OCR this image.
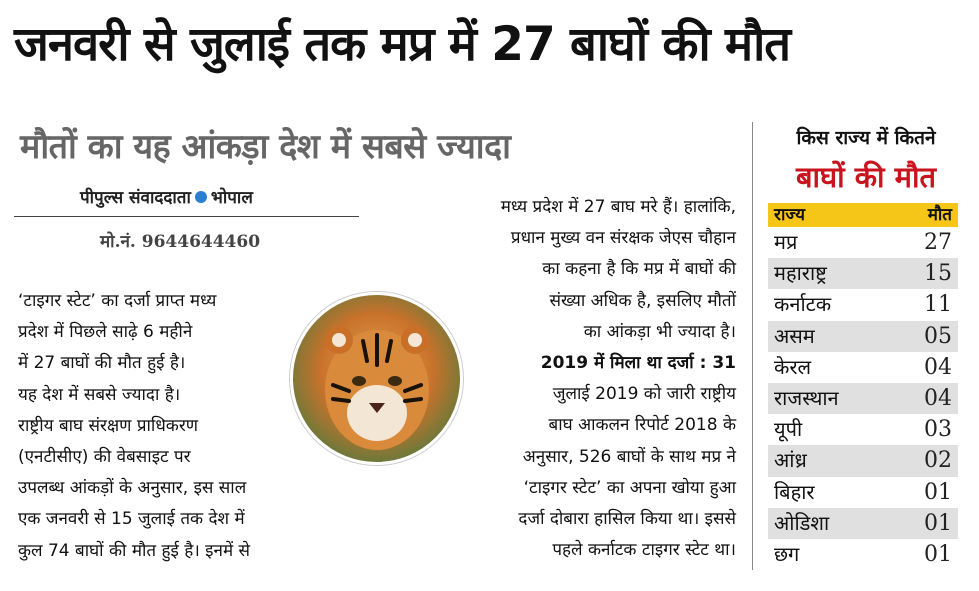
जनवरी से जुलाई तक मप्र में 27 बाघों की मौत
मौतों का यह आंकड़ा देश में सबसे ज्यादा
पीपुल्स संवाददाता भोपाल
मो.नं. 9644644460
‘टाइगर स्टेट’ का दर्जा प्राप्त मध्य
प्रदेश में पिछले साढ़े 6 महीने
में 27 बाघों की मौत हुई है।
यह देश में सबसे ज्यादा है।
राष्ट्रीय बाघ संरक्षण प्राधिकरण
(एनटीसीए) की वेबसाइट पर
उपलब्ध आंकड़ों के अनुसार, इस साल
एक जनवरी से 15 जुलाई तक देश में
कुल 74 बाघों की मौत हुई है। इनमें से
मध्य प्रदेश में 27 बाघ मरे हैं। हालांकि,
प्रधान मुख्य वन संरक्षक जेएस चौहान
का कहना है कि मप्र में बाघों की
संख्या अधिक है, इसलिए मौतों
का आंकड़ा भी ज्यादा है।
2019 में मिला था दर्जा : 31
जुलाई 2019 को जारी राष्ट्रीय
बाघ आकलन रिपोर्ट 2018 के
अनुसार, 526 बाघों के साथ मप्र ने
‘टाइगर स्टेट’ का अपना खोया हुआ
दर्जा दोबारा हासिल किया था। इससे
पहले कर्नाटक टाइगर स्टेट था।
किस राज्य में कितने
बाघों की मौत
राज्य	मौत
मप्र	27
महाराष्ट्र	15
कर्नाटक	11
असम	05
केरल	04
राजस्थान	04
यूपी	03
आंध्र	02
बिहार	01
ओडिशा	01
छग	01
